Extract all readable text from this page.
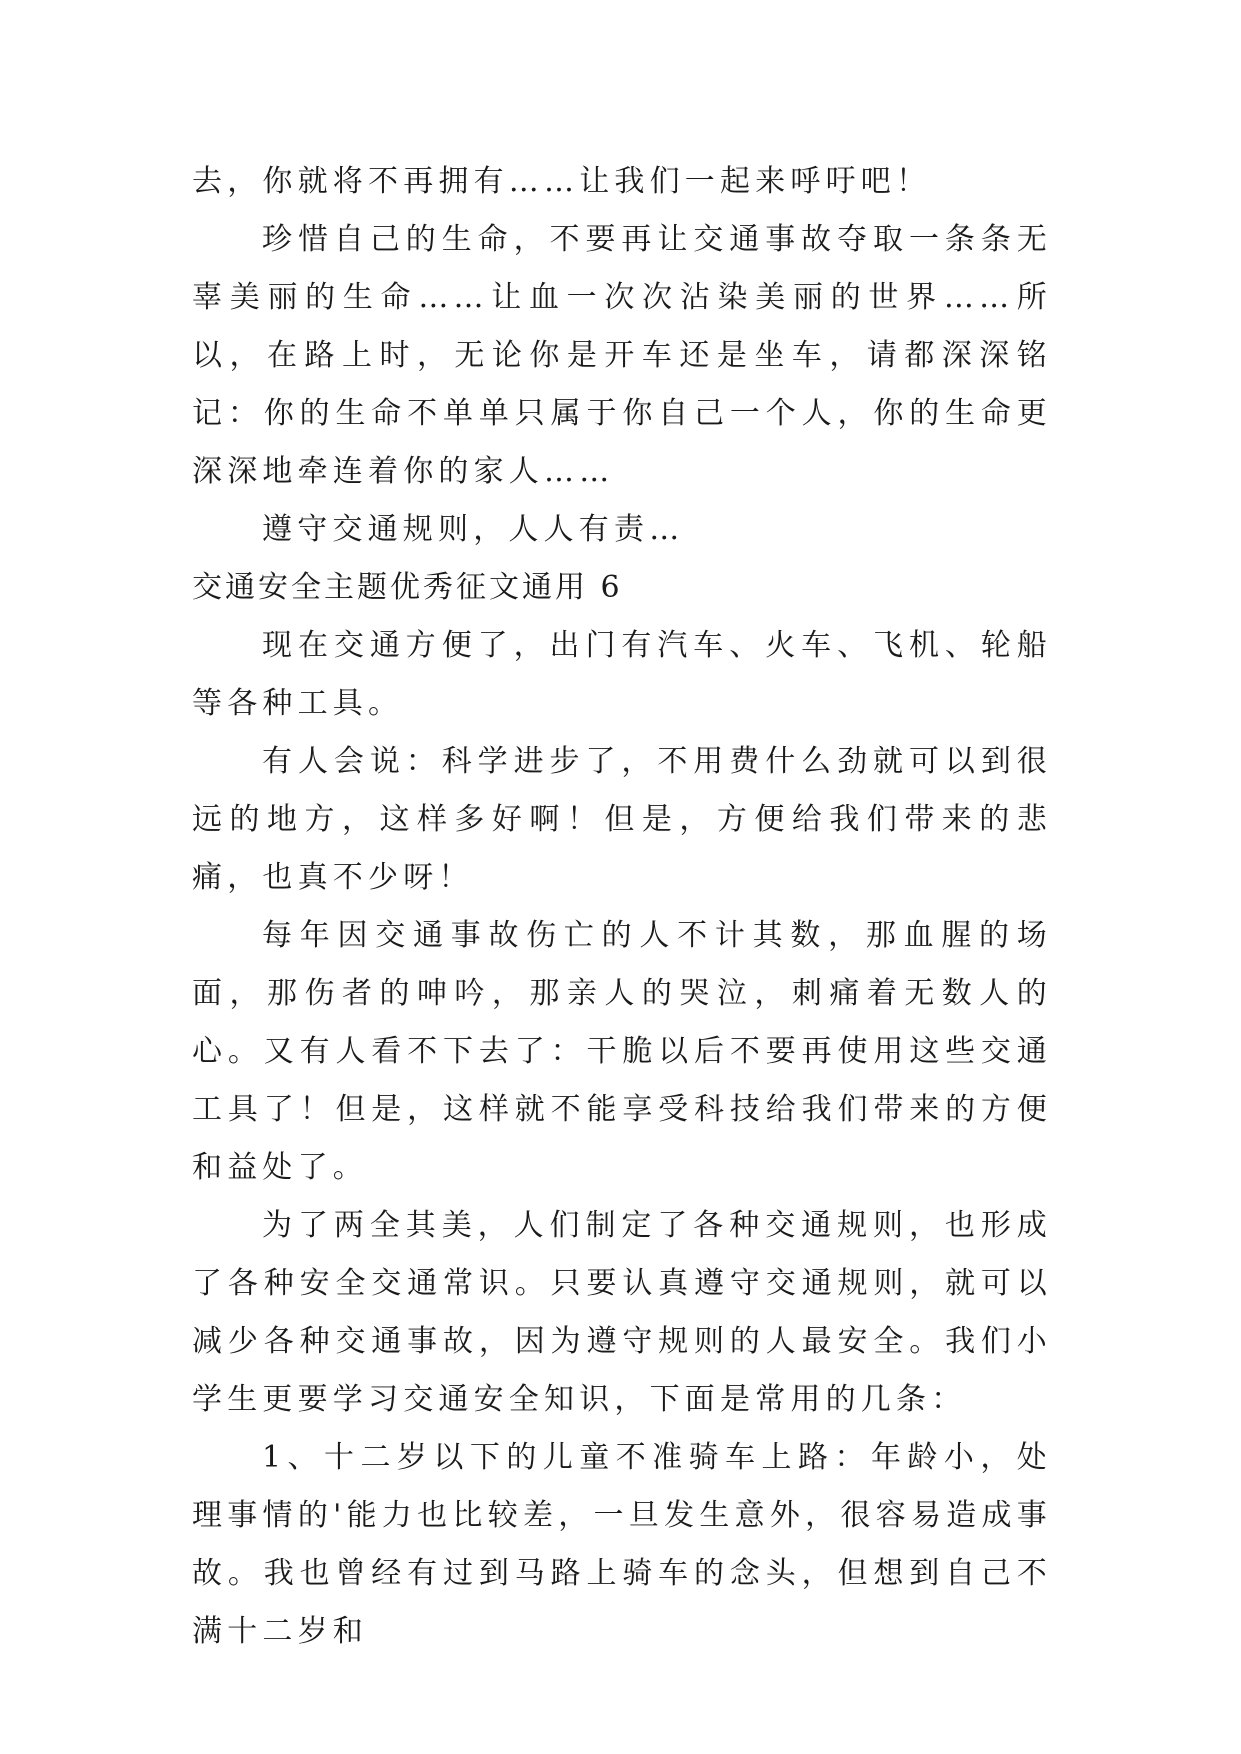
去，你就将不再拥有……让我们一起来呼吁吧！

珍惜自己的生命，不要再让交通事故夺取一条条无辜美丽的生命……让血一次次沾染美丽的世界……所以，在路上时，无论你是开车还是坐车，请都深深铭记：你的生命不单单只属于你自己一个人，你的生命更深深地牵连着你的家人……

遵守交通规则，人人有责…

交通安全主题优秀征文通用 6

现在交通方便了，出门有汽车、火车、飞机、轮船等各种工具。

有人会说：科学进步了，不用费什么劲就可以到很远的地方，这样多好啊！但是，方便给我们带来的悲痛，也真不少呀！

每年因交通事故伤亡的人不计其数，那血腥的场面，那伤者的呻吟，那亲人的哭泣，刺痛着无数人的心。又有人看不下去了：干脆以后不要再使用这些交通工具了！但是，这样就不能享受科技给我们带来的方便和益处了。

为了两全其美，人们制定了各种交通规则，也形成了各种安全交通常识。只要认真遵守交通规则，就可以减少各种交通事故，因为遵守规则的人最安全。我们小学生更要学习交通安全知识，下面是常用的几条：

1、十二岁以下的儿童不准骑车上路：年龄小，处理事情的'能力也比较差，一旦发生意外，很容易造成事故。我也曾经有过到马路上骑车的念头，但想到自己不满十二岁和
